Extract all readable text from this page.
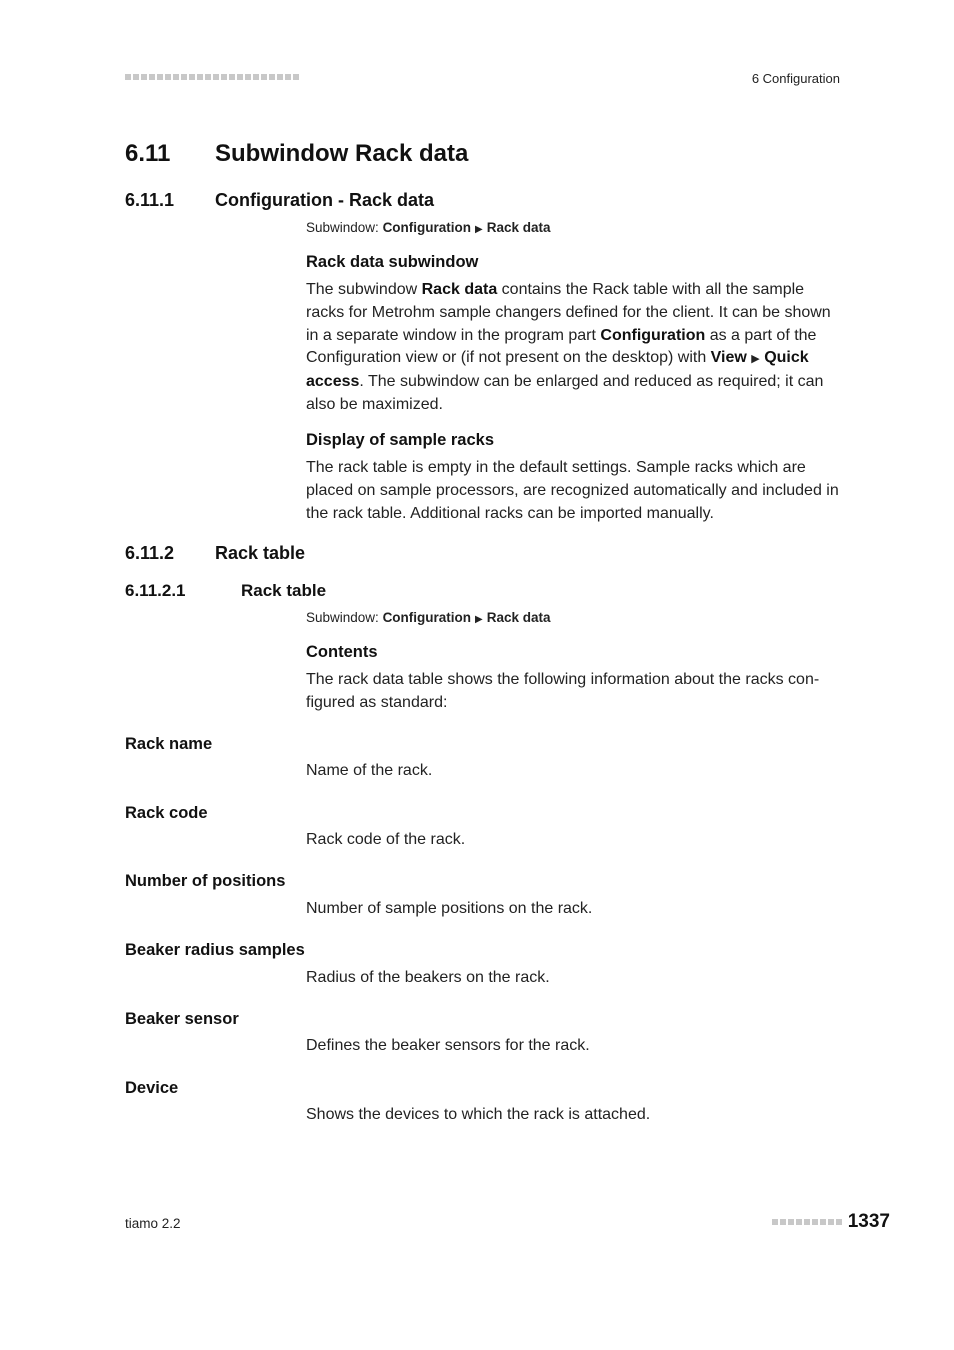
6 Configuration
6.11 Subwindow Rack data
6.11.1 Configuration - Rack data
Subwindow: Configuration ▶ Rack data
Rack data subwindow
The subwindow Rack data contains the Rack table with all the sample racks for Metrohm sample changers defined for the client. It can be shown in a separate window in the program part Configuration as a part of the Configuration view or (if not present on the desktop) with View ▶ Quick access. The subwindow can be enlarged and reduced as required; it can also be maximized.
Display of sample racks
The rack table is empty in the default settings. Sample racks which are placed on sample processors, are recognized automatically and included in the rack table. Additional racks can be imported manually.
6.11.2 Rack table
6.11.2.1	Rack table
Subwindow: Configuration ▶ Rack data
Contents
The rack data table shows the following information about the racks configured as standard:
Rack name
Name of the rack.
Rack code
Rack code of the rack.
Number of positions
Number of sample positions on the rack.
Beaker radius samples
Radius of the beakers on the rack.
Beaker sensor
Defines the beaker sensors for the rack.
Device
Shows the devices to which the rack is attached.
tiamo 2.2	1337
